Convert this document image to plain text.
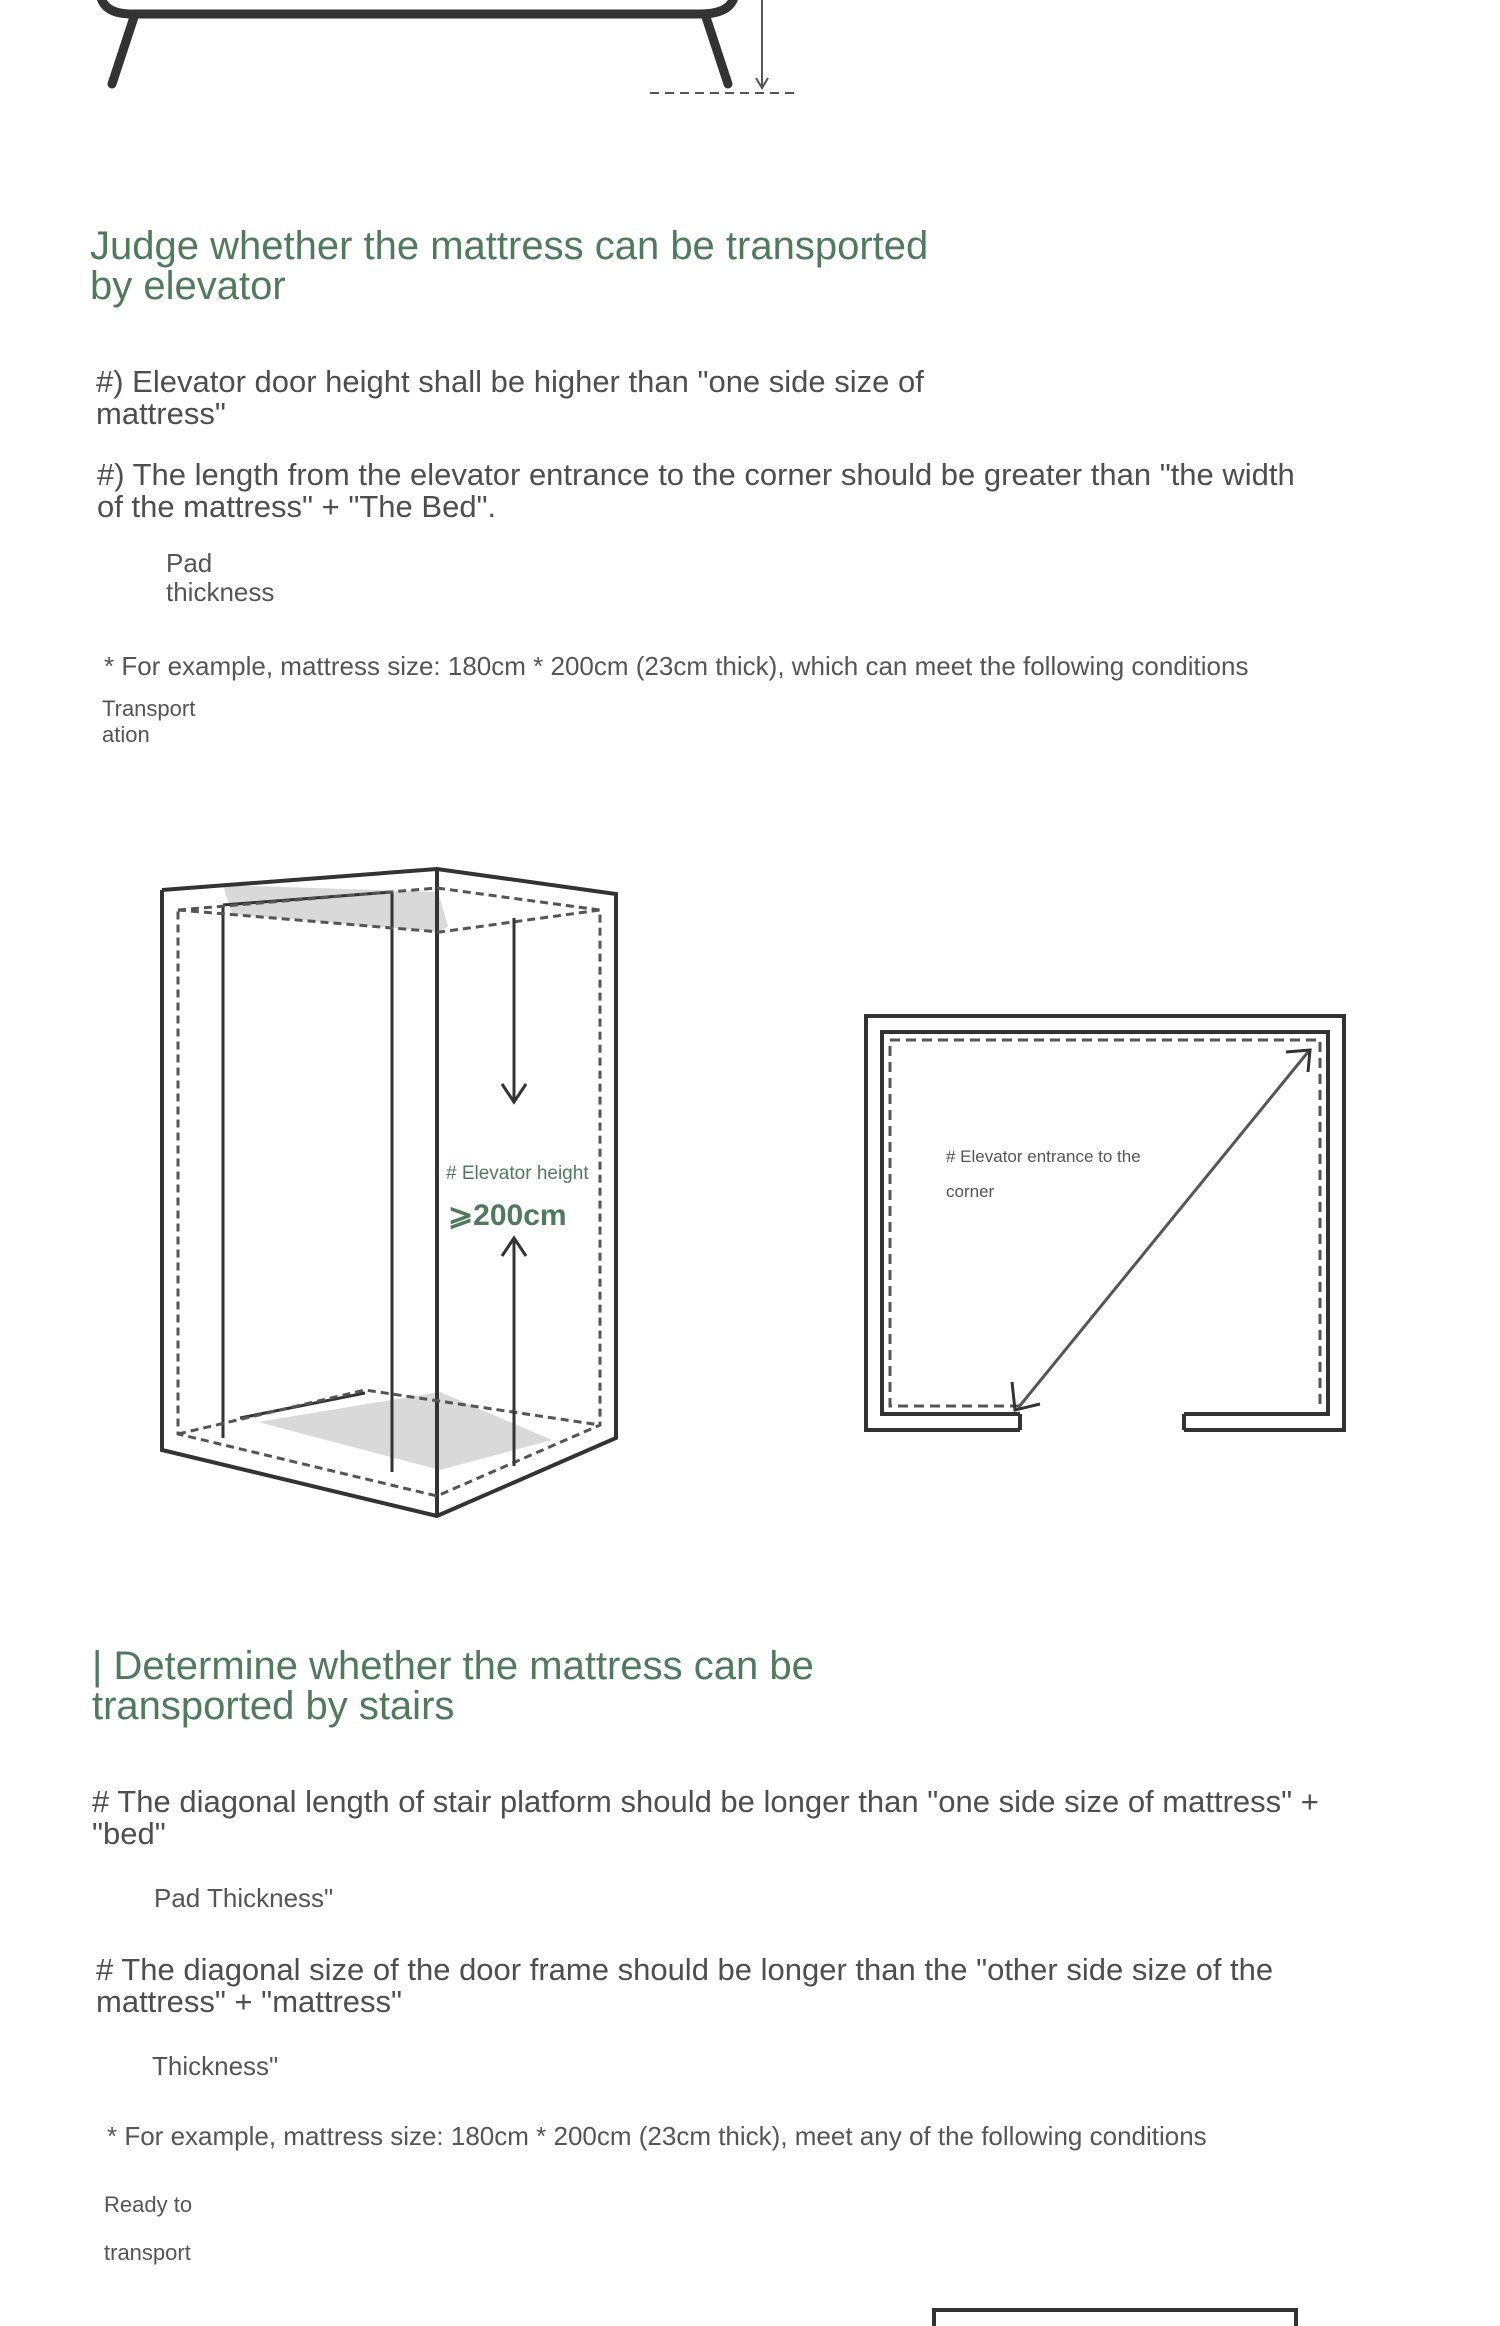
Judge whether the mattress can be transported
by elevator
#) Elevator door height shall be higher than "one side size of
mattress"
#) The length from the elevator entrance to the corner should be greater than "the width
of the mattress" + "The Bed".
Pad
thickness
* For example, mattress size: 180cm * 200cm (23cm thick), which can meet the following conditions
Transport
ation
# Elevator height
⩾200cm
# Elevator entrance to the
corner
| Determine whether the mattress can be
transported by stairs
# The diagonal length of stair platform should be longer than "one side size of mattress" +
"bed"
Pad Thickness"
# The diagonal size of the door frame should be longer than the "other side size of the
mattress" + "mattress"
Thickness"
* For example, mattress size: 180cm * 200cm (23cm thick), meet any of the following conditions
Ready to
transport
